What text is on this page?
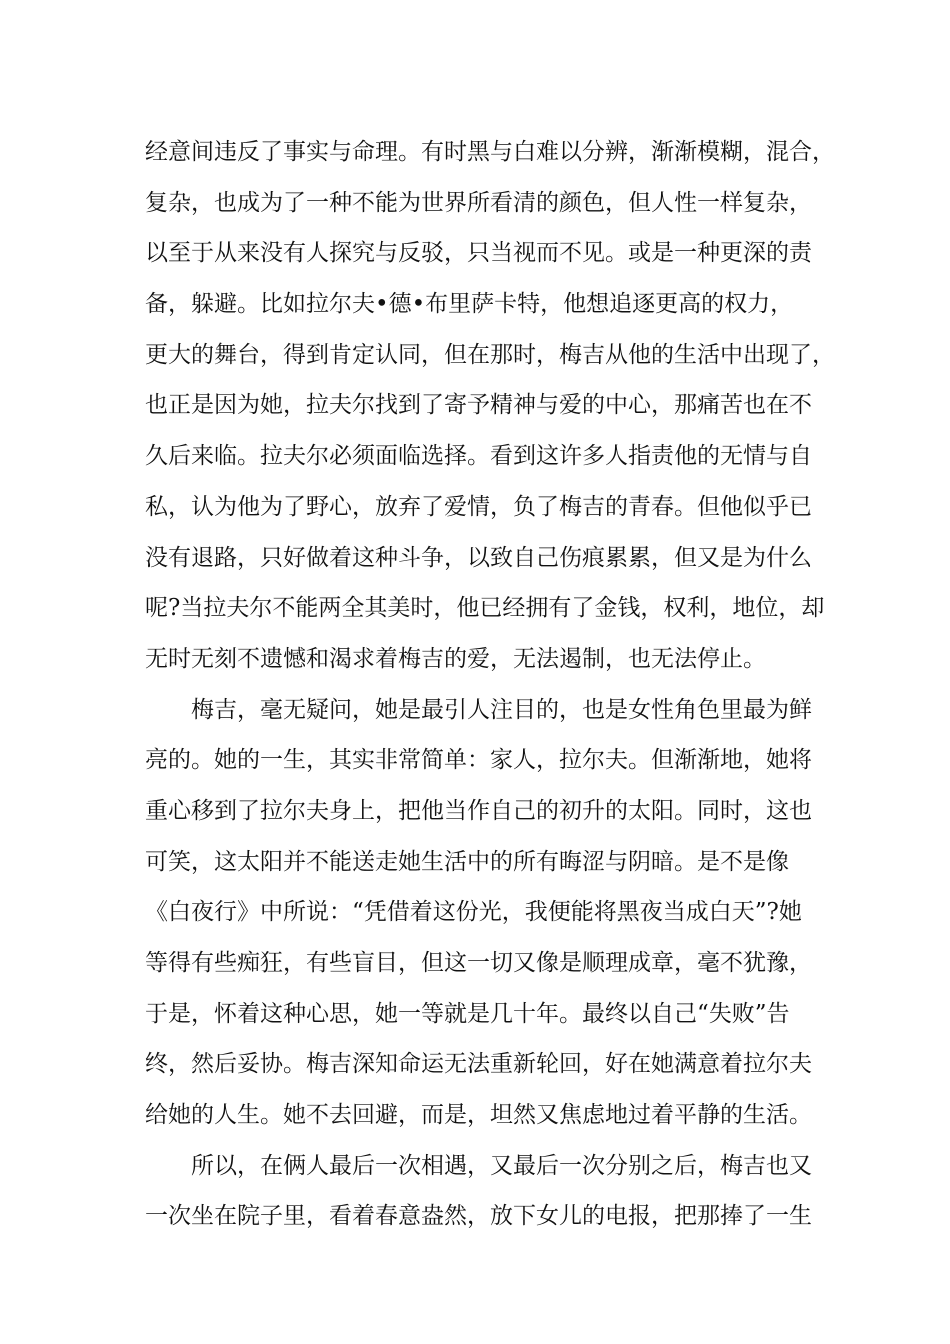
经意间违反了事实与命理。有时黑与白难以分辨，渐渐模糊，混合，
复杂，也成为了一种不能为世界所看清的颜色，但人性一样复杂，
以至于从来没有人探究与反驳，只当视而不见。或是一种更深的责
备，躲避。比如拉尔夫•德•布里萨卡特，他想追逐更高的权力，
更大的舞台，得到肯定认同，但在那时，梅吉从他的生活中出现了，
也正是因为她，拉夫尔找到了寄予精神与爱的中心，那痛苦也在不
久后来临。拉夫尔必须面临选择。看到这许多人指责他的无情与自
私，认为他为了野心，放弃了爱情，负了梅吉的青春。但他似乎已
没有退路，只好做着这种斗争，以致自己伤痕累累，但又是为什么
呢?当拉夫尔不能两全其美时，他已经拥有了金钱，权利，地位，却
无时无刻不遗憾和渴求着梅吉的爱，无法遏制，也无法停止。
梅吉，毫无疑问，她是最引人注目的，也是女性角色里最为鲜
亮的。她的一生，其实非常简单：家人，拉尔夫。但渐渐地，她将
重心移到了拉尔夫身上，把他当作自己的初升的太阳。同时，这也
可笑，这太阳并不能送走她生活中的所有晦涩与阴暗。是不是像
《白夜行》中所说：“凭借着这份光，我便能将黑夜当成白天”?她
等得有些痴狂，有些盲目，但这一切又像是顺理成章，毫不犹豫，
于是，怀着这种心思，她一等就是几十年。最终以自己“失败”告
终，然后妥协。梅吉深知命运无法重新轮回，好在她满意着拉尔夫
给她的人生。她不去回避，而是，坦然又焦虑地过着平静的生活。
所以，在俩人最后一次相遇，又最后一次分别之后，梅吉也又
一次坐在院子里，看着春意盎然，放下女儿的电报，把那捧了一生
